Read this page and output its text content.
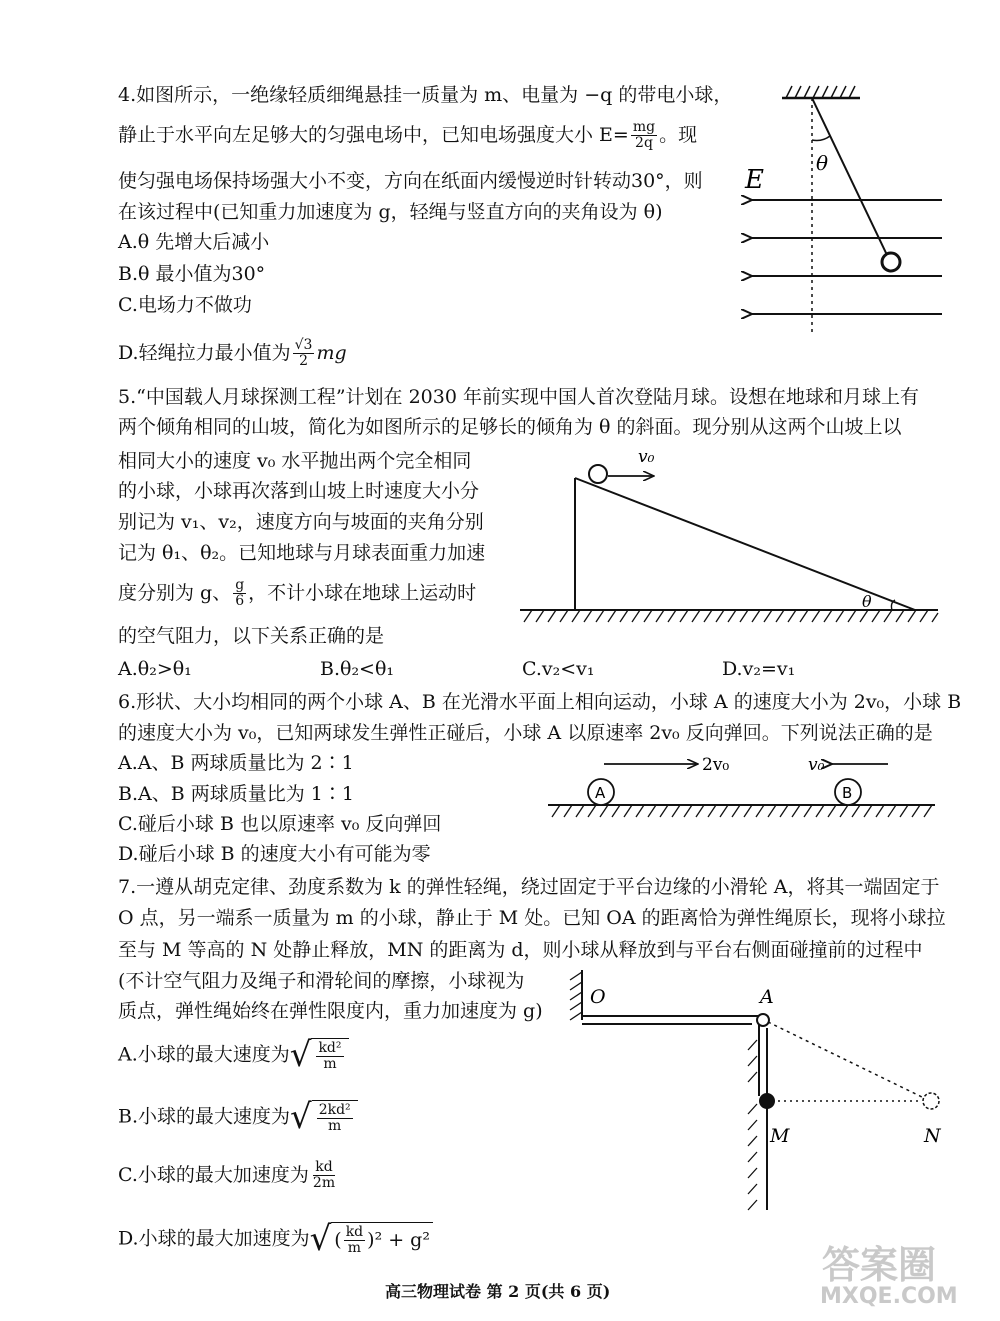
4.如图所示，一绝缘轻质细绳悬挂一质量为 m、电量为 −q 的带电小球，
静止于水平向左足够大的匀强电场中，已知电场强度大小 $E= \frac{mg}{2q}$ 。现
使匀强电场保持场强大小不变，方向在纸面内缓慢逆时针转动30°，则
在该过程中(已知重力加速度为 g，轻绳与竖直方向的夹角设为 θ)
A.θ 先增大后减小
B.θ 最小值为30°
C.电场力不做功
D.轻绳拉力最小值为 $\frac{√3}{2}$ mg
5.“中国载人月球探测工程”计划在 2030 年前实现中国人首次登陆月球。设想在地球和月球上有
两个倾角相同的山坡，简化为如图所示的足够长的倾角为 θ 的斜面。现分别从这两个山坡上以
相同大小的速度 v₀ 水平抛出两个完全相同
的小球，小球再次落到山坡上时速度大小分
别记为 v₁、v₂，速度方向与坡面的夹角分别
记为 θ₁、θ₂。已知地球与月球表面重力加速
度分别为 g、 $\frac{g}{6}$ ，不计小球在地球上运动时
的空气阻力，以下关系正确的是
A.θ₂>θ₁	B.θ₂<θ₁	C.v₂<v₁	D.v₂=v₁
6.形状、大小均相同的两个小球 A、B 在光滑水平面上相向运动，小球 A 的速度大小为 2v₀，小球 B
的速度大小为 v₀，已知两球发生弹性正碰后，小球 A 以原速率 2v₀ 反向弹回。下列说法正确的是
A.A、B 两球质量比为 2∶1
B.A、B 两球质量比为 1∶1
C.碰后小球 B 也以原速率 v₀ 反向弹回
D.碰后小球 B 的速度大小有可能为零
7.一遵从胡克定律、劲度系数为 k 的弹性轻绳，绕过固定于平台边缘的小滑轮 A，将其一端固定于
O 点，另一端系一质量为 m 的小球，静止于 M 处。已知 OA 的距离恰为弹性绳原长，现将小球拉
至与 M 等高的 N 处静止释放，MN 的距离为 d，则小球从释放到与平台右侧面碰撞前的过程中
(不计空气阻力及绳子和滑轮间的摩擦，小球视为
质点，弹性绳始终在弹性限度内，重力加速度为 g)
A.小球的最大速度为 √ $\frac{\text{kd²}}{m}$
B.小球的最大速度为 √ $\frac{\text{2kd²}}{m}$
C.小球的最大加速度为 $\frac{kd}{2m}$
D.小球的最大加速度为 √ ( $\frac{kd}{m} )^2 + g^2$
高三物理试卷 第 2 页(共 6 页)
E
θ
v₀
θ
A	B
2v₀	v₀
O	A
M	N
答案圈
MXQE.COM
